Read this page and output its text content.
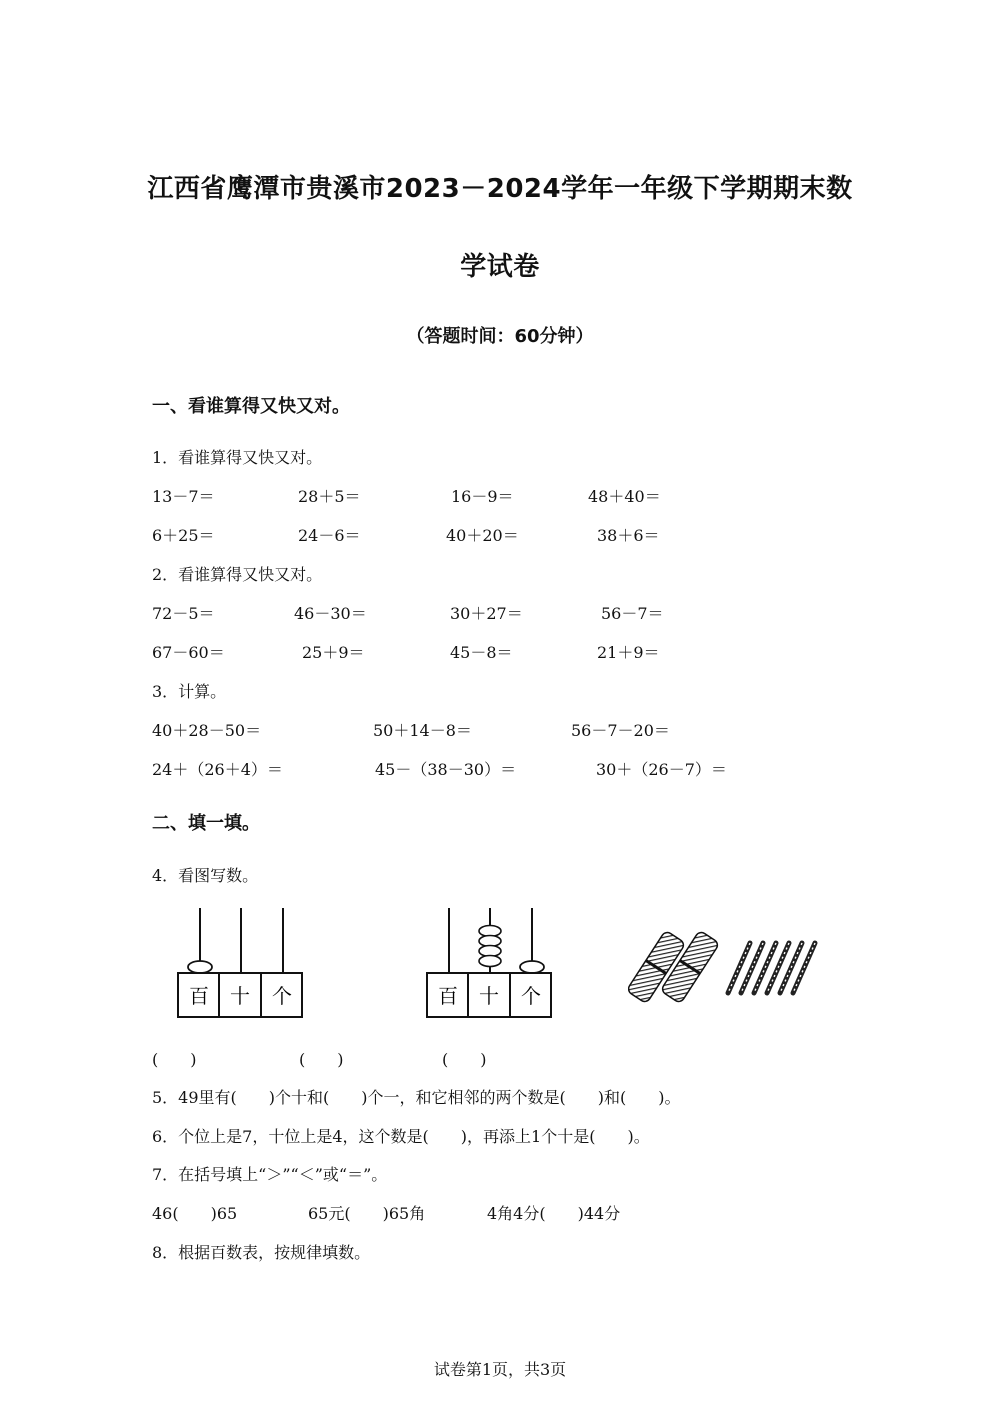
江西省鹰潭市贵溪市2023－2024学年一年级下学期期末数
学试卷
（答题时间：60分钟）
一、看谁算得又快又对。
1．看谁算得又快又对。
13－7＝	28＋5＝	16－9＝	48＋40＝
6＋25＝	24－6＝	40＋20＝	38＋6＝
2．看谁算得又快又对。
72－5＝	46－30＝	30＋27＝	56－7＝
67－60＝	25＋9＝	45－8＝	21＋9＝
3．计算。
40＋28－50＝	50＋14－8＝	56－7－20＝
24＋（26＋4）＝	45－（38－30）＝	30＋（26－7）＝
二、填一填。
4．看图写数。
百 十 个	百 十 个
(　　)	(　　)	(　　)
5．49里有(　　)个十和(　　)个一，和它相邻的两个数是(　　)和(　　)。
6．个位上是7，十位上是4，这个数是(　　)，再添上1个十是(　　)。
7．在括号填上“＞”“＜”或“＝”。
46(　　)65	65元(　　)65角	4角4分(　　)44分
8．根据百数表，按规律填数。
试卷第1页，共3页
